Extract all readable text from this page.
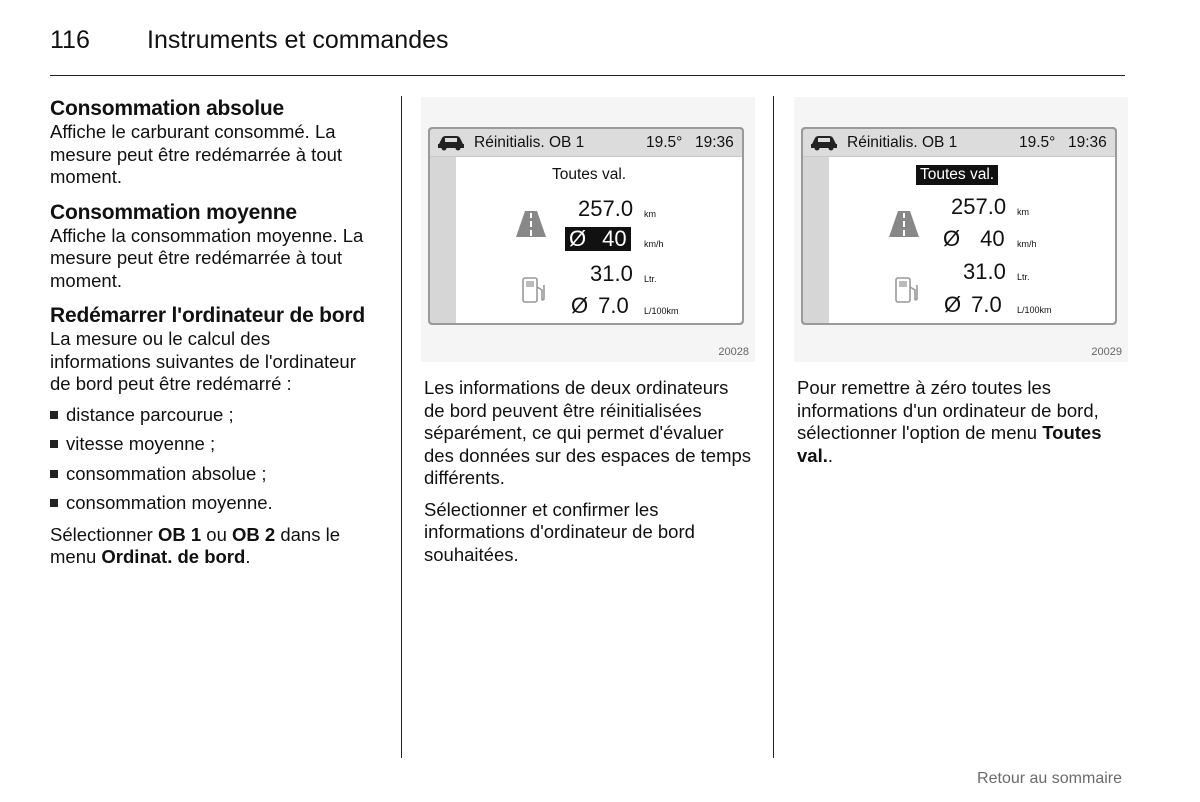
116 Instruments et commandes
Consommation absolue

Affiche le carburant consommé. La mesure peut être redémarrée à tout moment.

Consommation moyenne

Affiche la consommation moyenne. La mesure peut être redémarrée à tout moment.

Redémarrer l'ordinateur de bord

La mesure ou le calcul des informations suivantes de l'ordinateur de bord peut être redémarré :

distance parcourue ;
vitesse moyenne ;
consommation absolue ;
consommation moyenne.

Sélectionner OB 1 ou OB 2 dans le menu Ordinat. de bord.

Réinitialis. OB 1	19.5° 19:36
Toutes val.
257.0 km
Ø 40 km/h
31.0 Ltr.
Ø 7.0 L/100km
20028
Réinitialis. OB 1	19.5° 19:36
Toutes val.
257.0 km
Ø 40 km/h
31.0 Ltr.
Ø 7.0 L/100km
20029

Les informations de deux ordinateurs de bord peuvent être réinitialisées séparément, ce qui permet d'évaluer des données sur des espaces de temps différents.

Sélectionner et confirmer les informations d'ordinateur de bord souhaitées.

Pour remettre à zéro toutes les informations d'un ordinateur de bord, sélectionner l'option de menu Toutes val..

Retour au sommaire
